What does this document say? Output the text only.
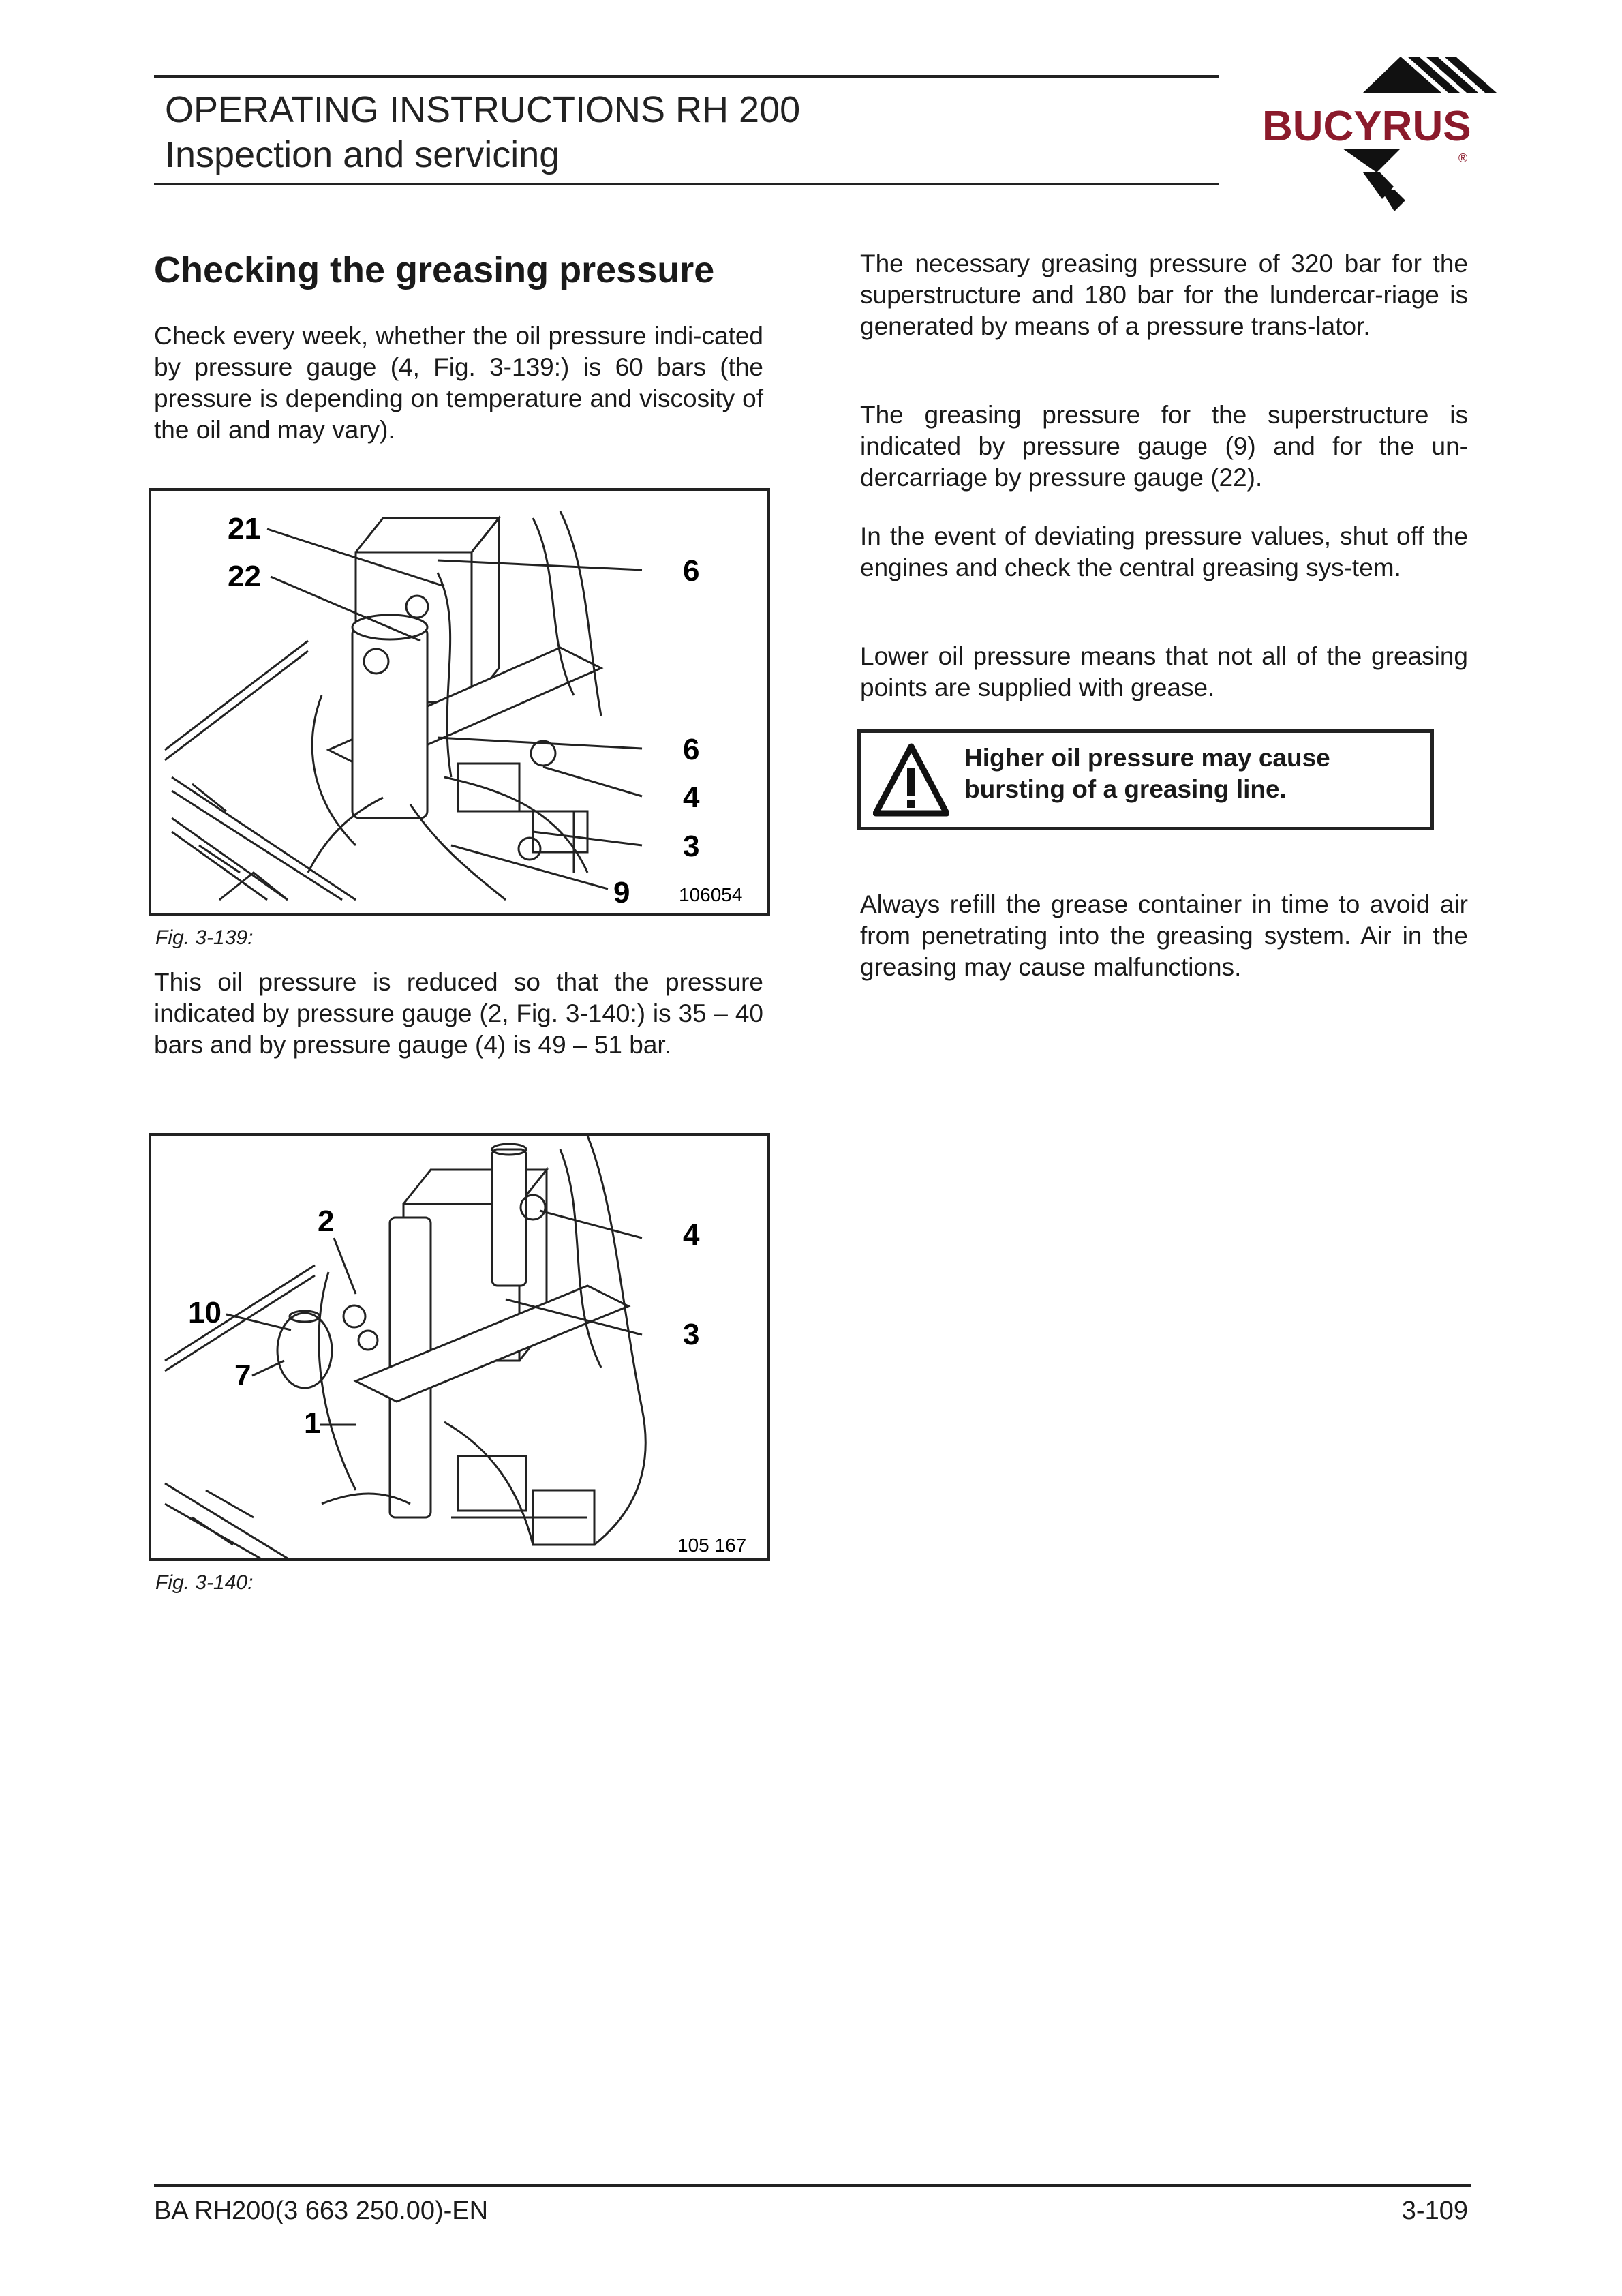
OPERATING INSTRUCTIONS RH 200
Inspection and servicing
BUCYRUS
®
Checking the greasing pressure
Check every week, whether the oil pressure indi-cated by pressure gauge (4, Fig. 3-139:) is 60 bars (the pressure is depending on temperature and viscosity of the oil and may vary).
21
22	6
6
4
3
9	106054
Fig. 3-139:
This oil pressure is reduced so that the pressure indicated by pressure gauge (2, Fig. 3-140:) is 35 – 40 bars and by pressure gauge (4) is 49 – 51 bar.
2	4
10
3
7
1
105 167
Fig. 3-140:
The necessary greasing pressure of 320 bar for the superstructure and 180 bar for the lundercar-riage is generated by means of a pressure trans-lator.
The greasing pressure for the superstructure is indicated by pressure gauge (9) and for the un-dercarriage by pressure gauge (22).
In the event of deviating pressure values, shut off the engines and check the central greasing sys-tem.
Lower oil pressure means that not all of the greasing points are supplied with grease.
Higher oil pressure may cause
bursting of a greasing line.
Always refill the grease container in time to avoid air from penetrating into the greasing system. Air in the greasing may cause malfunctions.
BA RH200(3 663 250.00)-EN	3-109
